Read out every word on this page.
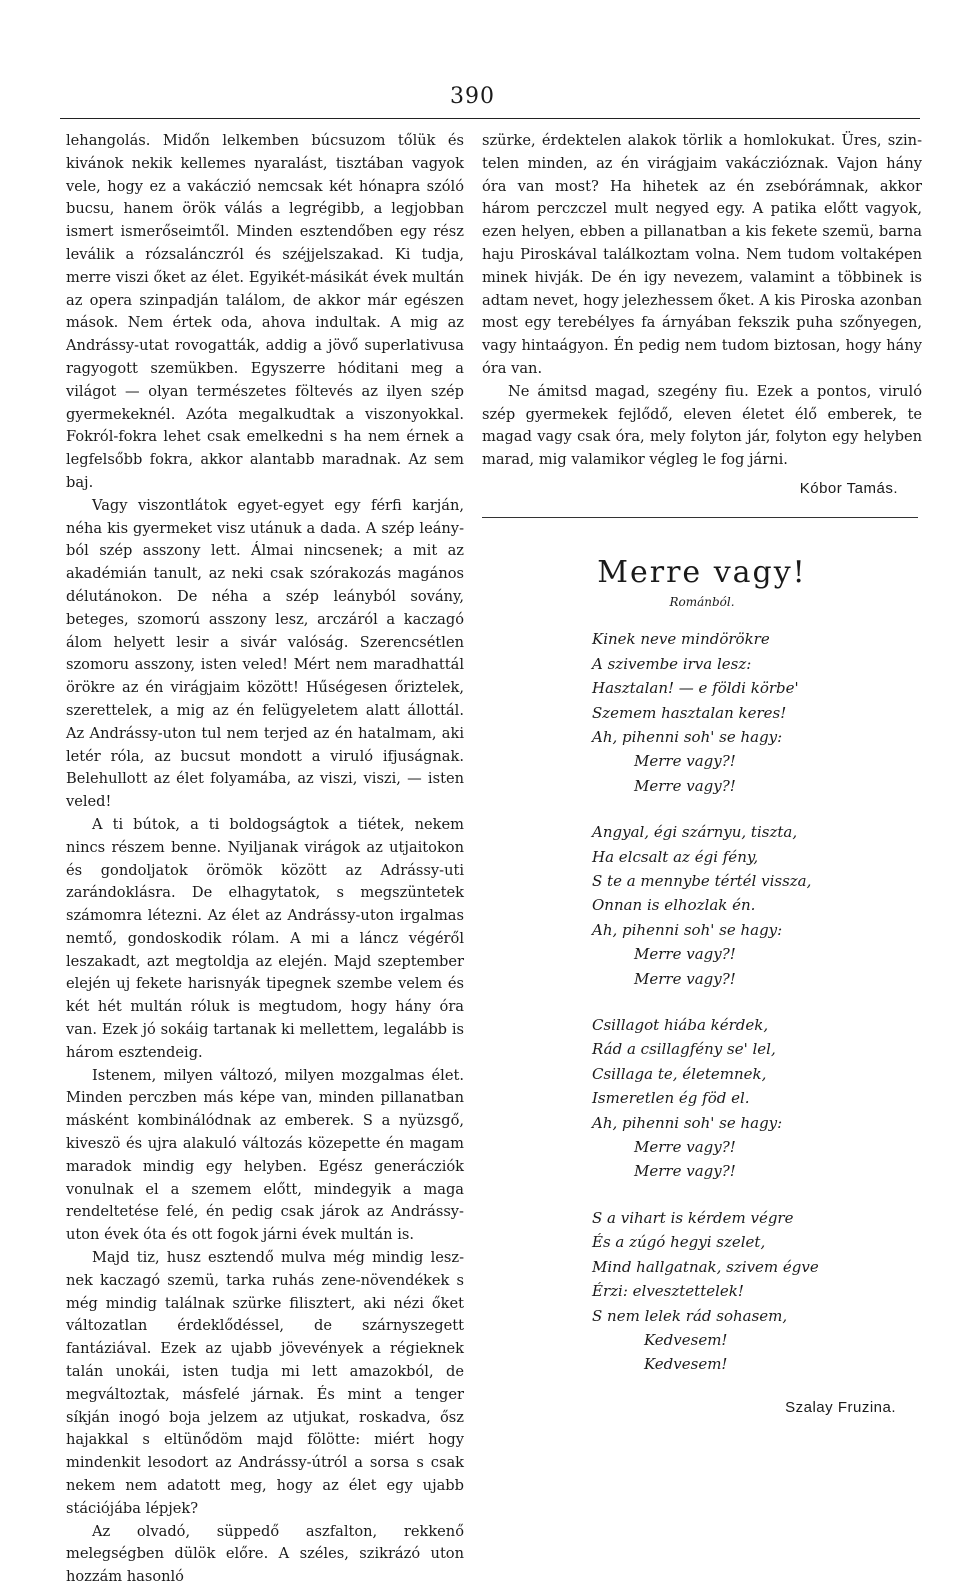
390

lehangolás. Midőn lelkemben búcsuzom tőlük és kivánok nekik kellemes nyaralást, tisztában vagyok vele, hogy ez a vakáczió nemcsak két hónapra szóló bucsu, hanem örök válás a legrégibb, a legjobban ismert ismerősеimtől. Minden esztendőben egy rész leválik a rózsalánczról és széjjelszakad. Ki tudja, merre viszi őket az élet. Egyikét-másikát évek multán az opera szinpadján találom, de akkor már egészen mások. Nem értek oda, ahova indultak. A mig az Andrássy-utat rovogatták, addig a jövő superlativusa ragyogott szemükben. Egyszerre hóditani meg a világot — olyan természetes föltevés az ilyen szép gyermekeknél. Azóta megalkudtak a viszonyokkal. Fokról-fokra lehet csak emelkedni s ha nem érnek a legfelsőbb fokra, akkor alantabb maradnak. Az sem baj.

Vagy viszontlátok egyet-egyet egy férfi karján, néha kis gyermeket visz utánuk a dada. A szép leányból szép asszony lett. Álmai nincsenek; a mit az akadémián tanult, az neki csak szórakozás magános délutánokon. De néha a szép leányból sovány, beteges, szomorú asszony lesz, arczáról a kaczagó álom helyett lesir a sivár valóság. Szerencsétlen szomoru asszony, isten veled! Mért nem maradhattál örökre az én virágjaim között! Hűségesen őriztelek, szerettelek, a mig az én felügyeletem alatt állottál. Az Andrássy-uton tul nem terjed az én hatalmam, aki letér róla, az bucsut mondott a viruló ifjuságnak. Belehullott az élet folyamába, az viszi, viszi, — isten veled!

A ti bútok, a ti boldogságtok a tiétek, nekem nincs részem benne. Nyiljanak virágok az utjaitokon és gondoljatok örömök között az Adrássy-uti zarándoklásra. De elhagytatok, s megszüntetek számomra létezni. Az élet az Andrássy-uton irgalmas nemtő, gondoskodik rólam. A mi a láncz végéről leszakadt, azt megtoldja az elején. Majd szeptember elején uj fekete harisnyák tipegnek szembe velem és két hét multán róluk is megtudom, hogy hány óra van. Ezek jó sokáig tartanak ki mellettem, legalább is három esztendeig.

Istenem, milyen változó, milyen mozgalmas élet. Minden perczben más képe van, minden pillanatban másként kombinálódnak az emberek. S a nyüzsgő, kiveszö és ujra alakuló változás közepette én magam maradok mindig egy helyben. Egész generácziók vonulnak el a szemem előtt, mindegyik a maga rendeltetése felé, én pedig csak járok az Andrássy-uton évek óta és ott fogok járni évek multán is.

Majd tiz, husz esztendő mulva még mindig lesznek kaczagó szemü, tarka ruhás zene-növendékek s még mindig találnak szürke filisztert, aki nézi őket változatlan érdeklődéssel, de szárnyszegett fantáziával. Ezek az ujabb jövevények a régieknek talán unokái, isten tudja mi lett amazokból, de megváltoztak, másfelé járnak. És mint a tenger síkján inogó boja jelzem az utjukat, roskadva, ősz hajakkal s eltünődöm majd fölötte: miért hogy mindenkit lesodort az Andrássy-útról a sorsa s csak nekem nem adatott meg, hogy az élet egy ujabb stációjába lépjek?

Az olvadó, süppedő aszfalton, rekkenő melegségben dülök előre. A széles, szikrázó uton hozzám hasonló

szürke, érdektelen alakok törlik a homlokukat. Üres, szintelen minden, az én virágjaim vakáczióznak. Vajon hány óra van most? Ha hihetek az én zsebórámnak, akkor három perczczel mult negyed egy. A patika előtt vagyok, ezen helyen, ebben a pillanatban a kis fekete szemü, barna haju Piroskával találkoztam volna. Nem tudom voltaképen minek hivják. De én igy nevezem, valamint a többinek is adtam nevet, hogy jelezhessem őket. A kis Piroska azonban most egy terebélyes fa árnyában fekszik puha szőnyegen, vagy hintaágyon. Én pedig nem tudom biztosan, hogy hány óra van.

Ne ámitsd magad, szegény fiu. Ezek a pontos, viruló szép gyermekek fejlődő, eleven életet élő emberek, te magad vagy csak óra, mely folyton jár, folyton egy helyben marad, mig valamikor végleg le fog járni.

Kóbor Tamás.
Merre vagy!
Románból.
Kinek neve mindörökre
A szivembe irva lesz:
Hasztalan! — e földi körbe'
Szemem hasztalan keres!
Ah, pihenni soh' se hagy:
Merre vagy?!
Merre vagy?!
Angyal, égi szárnyu, tiszta,
Ha elcsalt az égi fény,
S te a mennybe tértél vissza,
Onnan is elhozlak én.
Ah, pihenni soh' se hagy:
Merre vagy?!
Merre vagy?!
Csillagot hiába kérdek,
Rád a csillagfény se' lel,
Csillaga te, életemnek,
Ismeretlen ég föd el.
Ah, pihenni soh' se hagy:
Merre vagy?!
Merre vagy?!
S a vihart is kérdem végre
És a zúgó hegyi szelet,
Mind hallgatnak, szivem égve
Érzi: elvesztettelek!
S nem lelek rád sohasem,
Kedvesem!
Kedvesem!
Szalay Fruzina.
